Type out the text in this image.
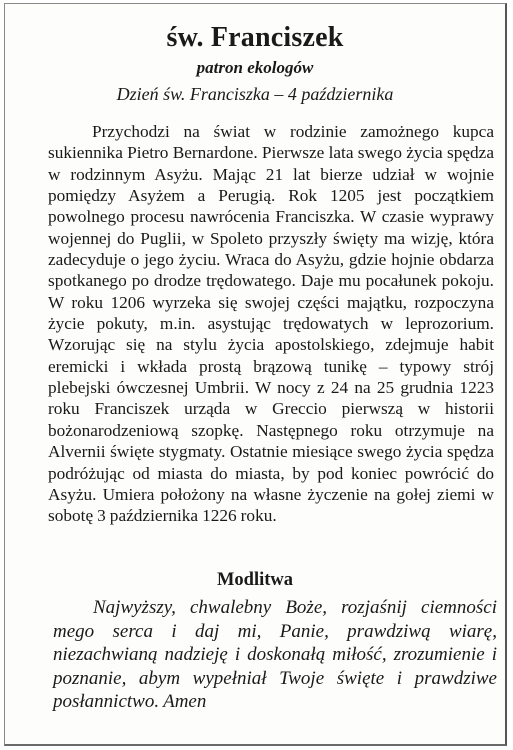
św. Franciszek
patron ekologów
Dzień św. Franciszka – 4 października

Przychodzi na świat w rodzinie zamożnego kupca sukiennika Pietro Bernardone. Pierwsze lata swego życia spędza w rodzinnym Asyżu. Mając 21 lat bierze udział w wojnie pomiędzy Asyżem a Perugią. Rok 1205 jest początkiem powolnego procesu nawrócenia Franciszka. W czasie wyprawy wojennej do Puglii, w Spoleto przyszły święty ma wizję, która zadecyduje o jego życiu. Wraca do Asyżu, gdzie hojnie obdarza spotkanego po drodze trędowatego. Daje mu pocałunek pokoju. W roku 1206 wyrzeka się swojej części majątku, rozpoczyna życie pokuty, m.in. asystując trędowatych w leprozorium. Wzorując się na stylu życia apostolskiego, zdejmuje habit eremicki i wkłada prostą brązową tunikę – typowy strój plebejski ówczesnej Umbrii. W nocy z 24 na 25 grudnia 1223 roku Franciszek urząda w Greccio pierwszą w historii bożonarodzeniową szopkę. Następnego roku otrzymuje na Alvernii święte stygmaty. Ostatnie miesiące swego życia spędza podróżując od miasta do miasta, by pod koniec powrócić do Asyżu. Umiera położony na własne życzenie na gołej ziemi w sobotę 3 października 1226 roku.

Modlitwa

Najwyższy, chwalebny Boże, rozjaśnij ciemności mego serca i daj mi, Panie, prawdziwą wiarę, niezachwianą nadzieję i doskonałą miłość, zrozumienie i poznanie, abym wypełniał Twoje święte i prawdziwe posłannictwo. Amen
